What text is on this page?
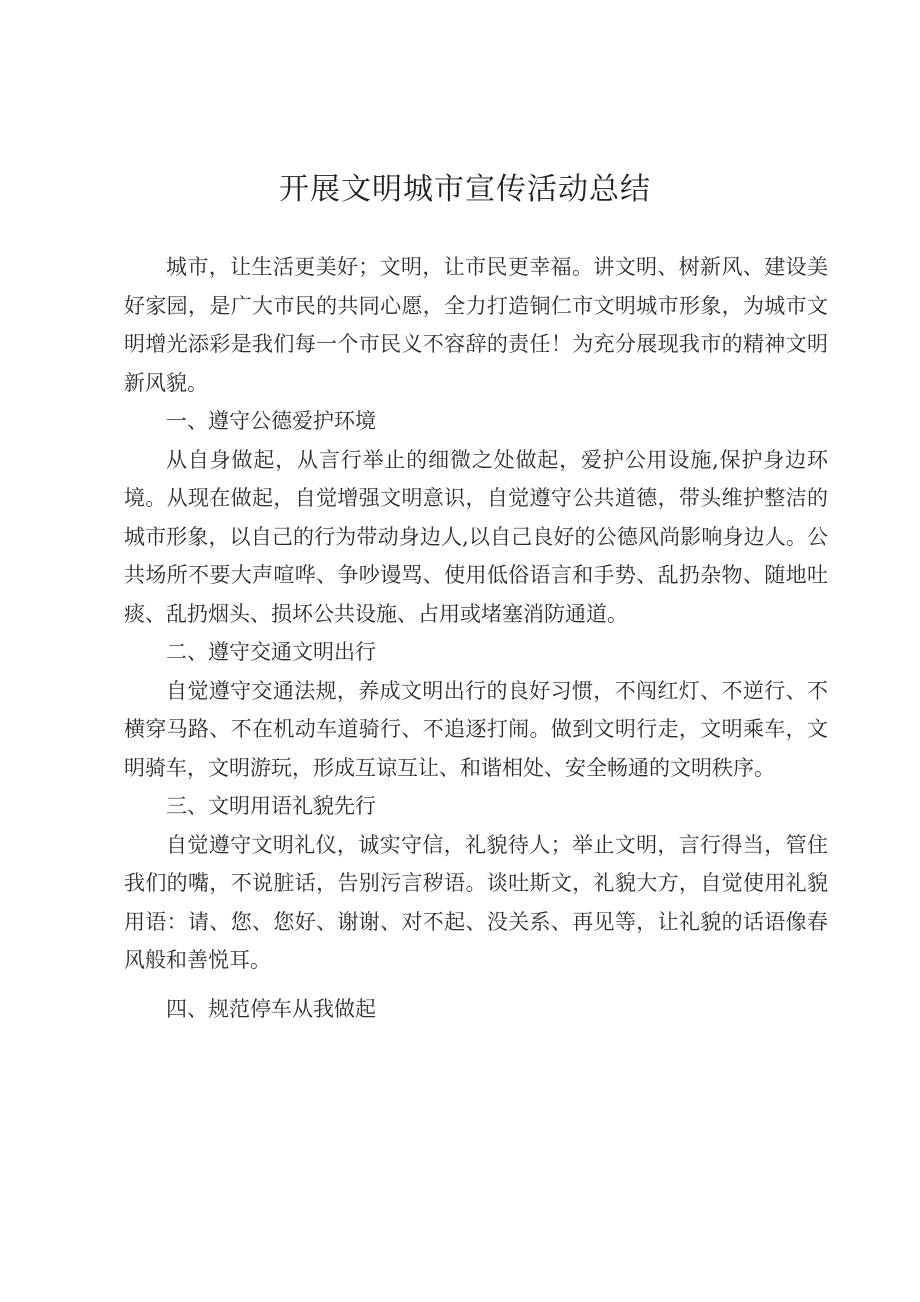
开展文明城市宣传活动总结

城市，让生活更美好；文明，让市民更幸福。讲文明、树新风、建设美好家园，是广大市民的共同心愿，全力打造铜仁市文明城市形象，为城市文明增光添彩是我们每一个市民义不容辞的责任！为充分展现我市的精神文明新风貌。

一、遵守公德爱护环境

从自身做起，从言行举止的细微之处做起，爱护公用设施,保护身边环境。从现在做起，自觉增强文明意识，自觉遵守公共道德，带头维护整洁的城市形象，以自己的行为带动身边人,以自己良好的公德风尚影响身边人。公共场所不要大声喧哗、争吵谩骂、使用低俗语言和手势、乱扔杂物、随地吐痰、乱扔烟头、损坏公共设施、占用或堵塞消防通道。

二、遵守交通文明出行

自觉遵守交通法规，养成文明出行的良好习惯，不闯红灯、不逆行、不横穿马路、不在机动车道骑行、不追逐打闹。做到文明行走，文明乘车，文明骑车，文明游玩，形成互谅互让、和谐相处、安全畅通的文明秩序。

三、文明用语礼貌先行

自觉遵守文明礼仪，诚实守信，礼貌待人；举止文明，言行得当，管住我们的嘴，不说脏话，告别污言秽语。谈吐斯文，礼貌大方，自觉使用礼貌用语：请、您、您好、谢谢、对不起、没关系、再见等，让礼貌的话语像春风般和善悦耳。

四、规范停车从我做起
